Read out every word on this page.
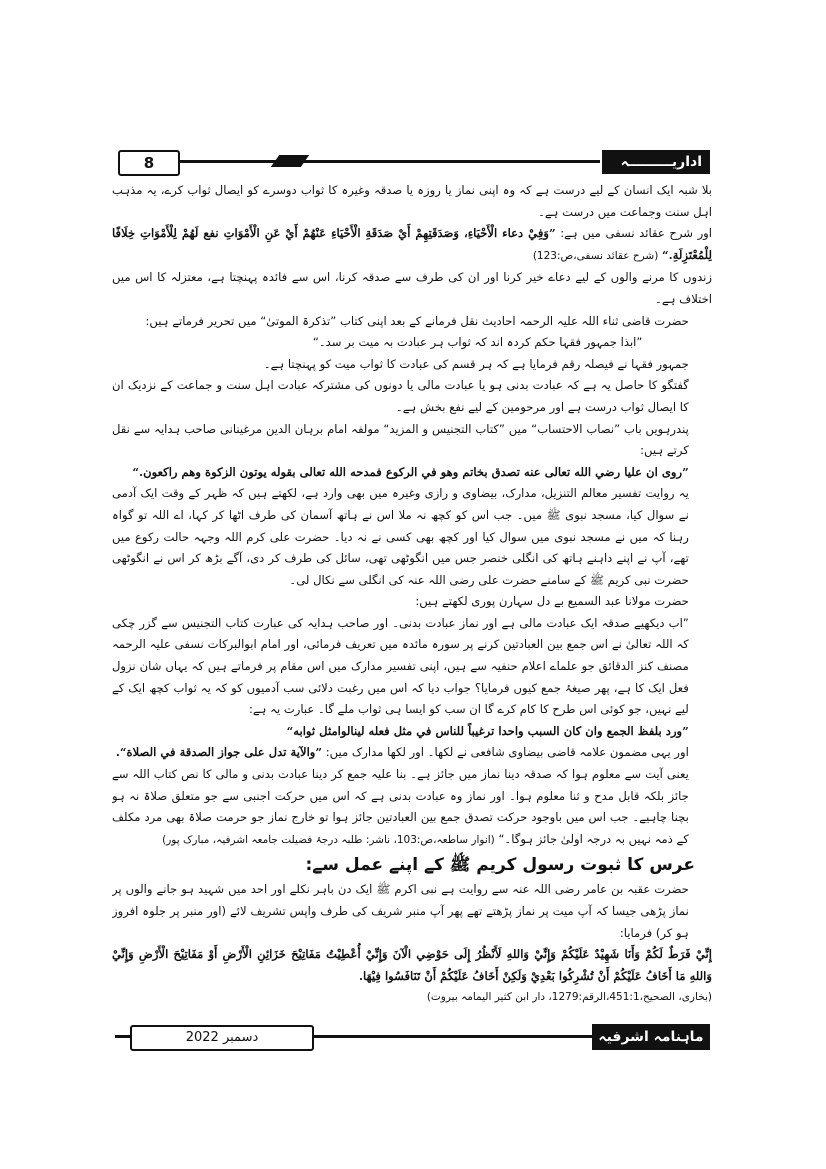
8	اداریـــــــــہ

بلا شبہ ایک انسان کے لیے درست ہے کہ وہ اپنی نماز یا روزہ یا صدقہ وغیرہ کا ثواب دوسرے کو ایصال ثواب کرے، یہ مذہب اہل سنت وجماعت میں درست ہے۔

اور شرح عقائد نسفی میں ہے: ”وَفِيْ دعاء الْأَحْيَاءِ، وَصَدَقَتِهِمْ أَيْ صَدَقَةِ الْأَحْيَاءِ عَنْهُمْ أَيْ عَنِ الْأَمْوَاتِ نفع لَهُمْ لِلْأَمْوَاتِ خِلَافًا لِلْمُعْتَزِلَةِ.“ (شرح عقائد نسفی،ص:123)

زندوں کا مرنے والوں کے لیے دعاے خیر کرنا اور ان کی طرف سے صدقہ کرنا، اس سے فائدہ پہنچتا ہے، معتزلہ کا اس میں اختلاف ہے۔

حضرت قاضی ثناء اللہ علیہ الرحمہ احادیث نقل فرمانے کے بعد اپنی کتاب ”تذکرۃ الموتیٰ“ میں تحریر فرماتے ہیں:

”ابذا جمہور فقہا حکم کردہ اند کہ ثواب ہر عبادت بہ میت بر سد۔“

جمہور فقہا نے فیصلہ رقم فرمایا ہے کہ ہر قسم کی عبادت کا ثواب میت کو پہنچتا ہے۔

گفتگو کا حاصل یہ ہے کہ عبادت بدنی ہو یا عبادت مالی یا دونوں کی مشترکہ عبادت اہل سنت و جماعت کے نزدیک ان کا ایصال ثواب درست ہے اور مرحومین کے لیے نفع بخش ہے۔

پندرہویں باب ”نصاب الاحتساب“ میں ”کتاب التجنیس و المزید“ مولفہ امام برہان الدین مرغینانی صاحب ہدایہ سے نقل کرتے ہیں:

”روى ان عليا رضي الله تعالى عنه تصدق بخاتم وهو في الركوع فمدحه الله تعالى بقوله يوتون الزكوة وهم راكعون.“

یہ روایت تفسیر معالم التنزیل، مدارک، بیضاوی و رازی وغیرہ میں بھی وارد ہے، لکھتے ہیں کہ ظہر کے وقت ایک آدمی نے سوال کیا، مسجد نبوی ﷺ میں۔ جب اس کو کچھ نہ ملا اس نے ہاتھ آسمان کی طرف اٹھا کر کہا، اے اللہ تو گواہ رہنا کہ میں نے مسجد نبوی میں سوال کیا اور کچھ بھی کسی نے نہ دیا۔ حضرت علی کرم اللہ وجہہ حالت رکوع میں تھے، آپ نے اپنے داہنے ہاتھ کی انگلی خنصر جس میں انگوٹھی تھی، سائل کی طرف کر دی، آگے بڑھ کر اس نے انگوٹھی حضرت نبی کریم ﷺ کے سامنے حضرت علی رضی اللہ عنہ کی انگلی سے نکال لی۔

حضرت مولانا عبد السمیع بے دل سہارن پوری لکھتے ہیں:

”اب دیکھیے صدقہ ایک عبادت مالی ہے اور نماز عبادت بدنی۔ اور صاحب ہدایہ کی عبارت کتاب التجنیس سے گزر چکی کہ اللہ تعالیٰ نے اس جمع بین العبادتین کرنے پر سورہ مائدہ میں تعریف فرمائی، اور امام ابوالبرکات نسفی علیہ الرحمہ مصنف کنز الدقائق جو علماے اعلام حنفیہ سے ہیں، اپنی تفسیر مدارک میں اس مقام پر فرماتے ہیں کہ یہاں شان نزول فعل ایک کا ہے، پھر صیغۂ جمع کیوں فرمایا؟ جواب دیا کہ اس میں رغبت دلائی سب آدمیوں کو کہ یہ ثواب کچھ ایک کے لیے نہیں، جو کوئی اس طرح کا کام کرے گا ان سب کو ایسا ہی ثواب ملے گا۔ عبارت یہ ہے:

”ورد بلفظ الجمع وان كان السبب واحدا ترغيباً للناس في مثل فعله لينالوامثل ثوابه“

اور یہی مضمون علامہ قاضی بیضاوی شافعی نے لکھا۔ اور لکھا مدارک میں: ”والآية تدل على جواز الصدقة في الصلاة“.

یعنی آیت سے معلوم ہوا کہ صدقہ دینا نماز میں جائز ہے۔ بنا علیہ جمع کر دینا عبادت بدنی و مالی کا نص کتاب اللہ سے جائز بلکہ قابل مدح و ثنا معلوم ہوا۔ اور نماز وہ عبادت بدنی ہے کہ اس میں حرکت اجنبی سے جو متعلق صلاۃ نہ ہو بچنا چاہیے۔ جب اس میں باوجود حرکت تصدق جمع بین العبادتین جائز ہوا تو خارج نماز جو حرمت صلاۃ بھی مرد مکلف کے ذمہ نہیں بہ درجہ اولیٰ جائز ہوگا۔“ (انوار ساطعہ،ص:103، ناشر: طلبہ درجۂ فضیلت جامعہ اشرفیہ، مبارک پور)

عرس کا ثبوت رسول کریم ﷺ کے اپنے عمل سے:

حضرت عقبہ بن عامر رضی اللہ عنہ سے روایت ہے نبی اکرم ﷺ ایک دن باہر نکلے اور احد میں شہید ہو جانے والوں پر نماز پڑھی جیسا کہ آپ میت پر نماز پڑھتے تھے پھر آپ منبر شریف کی طرف واپس تشریف لائے (اور منبر پر جلوہ افروز ہو کر) فرمایا:

إِنِّيْ فَرَطٌ لَكُمْ وَأَنَا شَهِيْدٌ عَلَيْكُمْ وَإِنِّيْ وَاللهِ لَأَنْظُرُ إِلَى حَوْضِي الْآنَ وَإِنِّيْ أُعْطِيْتُ مَفَاتِيْحَ خَزَائِنِ الْأَرْضِ أَوْ مَفَاتِيْحَ الْأَرْضِ وَإِنِّيْ وَاللهِ مَا أَخَافُ عَلَيْكُمْ أَنْ تُشْرِكُوا بَعْدِيْ وَلَكِنْ أَخَافُ عَلَيْكُمْ أَنْ تَنَافَسُوا فِيْهَا.

(بخاری، الصحیح،451:1،الرقم:1279، دار ابن کثیر الیمامہ بیروت)

دسمبر 2022	ماہنامہ اشرفیہ
